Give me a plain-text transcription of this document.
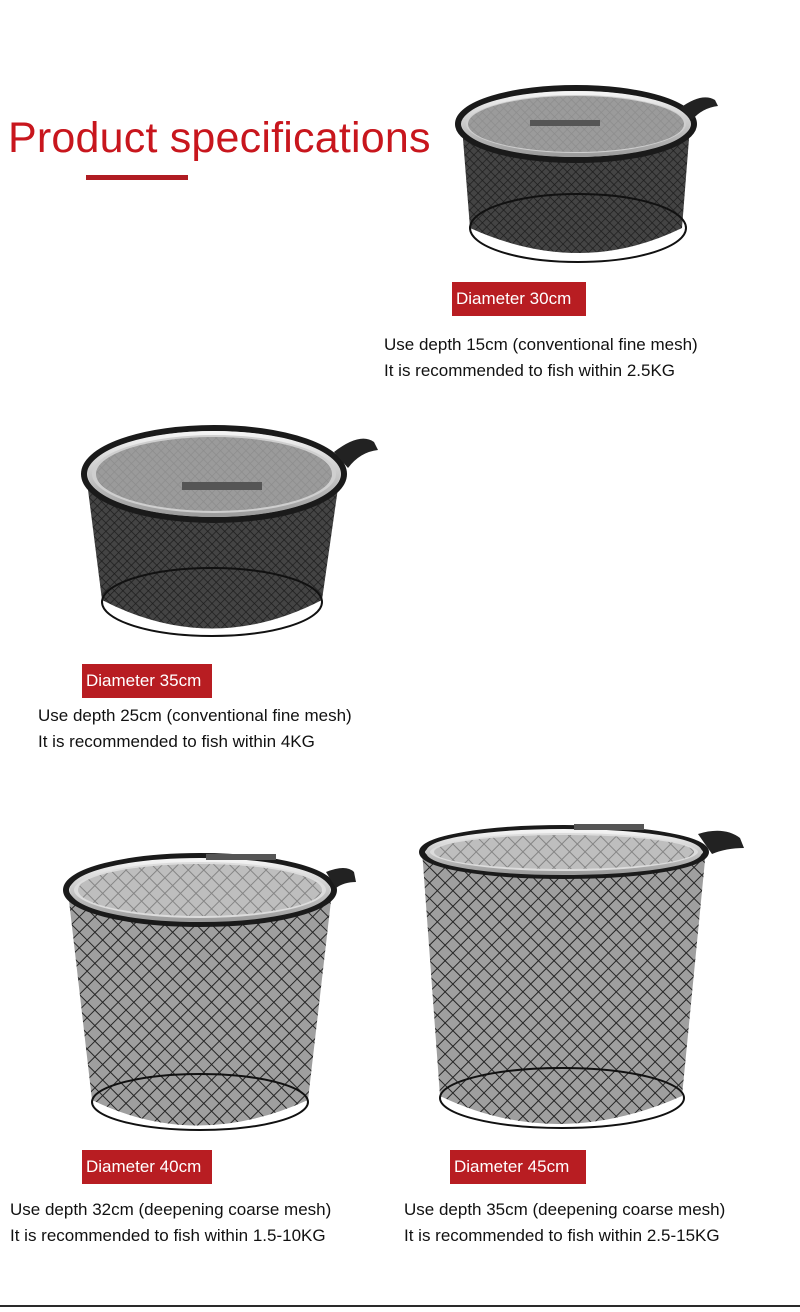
Product specifications
Diameter 30cm
Use depth 15cm (conventional fine mesh)
It is recommended to fish within 2.5KG
Diameter 35cm
Use depth 25cm (conventional fine mesh)
It is recommended to fish within 4KG
Diameter 40cm
Use depth 32cm (deepening coarse mesh)
It is recommended to fish within 1.5-10KG
Diameter 45cm
Use depth 35cm (deepening coarse mesh)
It is recommended to fish within 2.5-15KG
